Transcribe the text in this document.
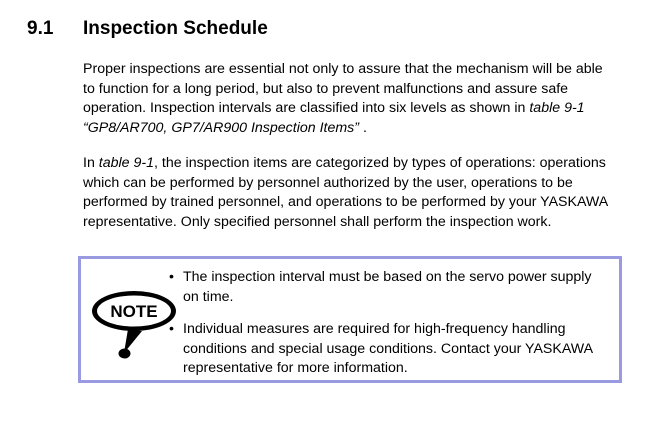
9.1	Inspection Schedule

Proper inspections are essential not only to assure that the mechanism will be able to function for a long period, but also to prevent malfunctions and assure safe operation. Inspection intervals are classified into six levels as shown in table 9-1 “GP8/AR700, GP7/AR900 Inspection Items” .

In table 9-1, the inspection items are categorized by types of operations: operations which can be performed by personnel authorized by the user, operations to be performed by trained personnel, and operations to be performed by your YASKAWA representative. Only specified personnel shall perform the inspection work.

NOTE
• The inspection interval must be based on the servo power supply on time.
• Individual measures are required for high-frequency handling conditions and special usage conditions. Contact your YASKAWA representative for more information.
